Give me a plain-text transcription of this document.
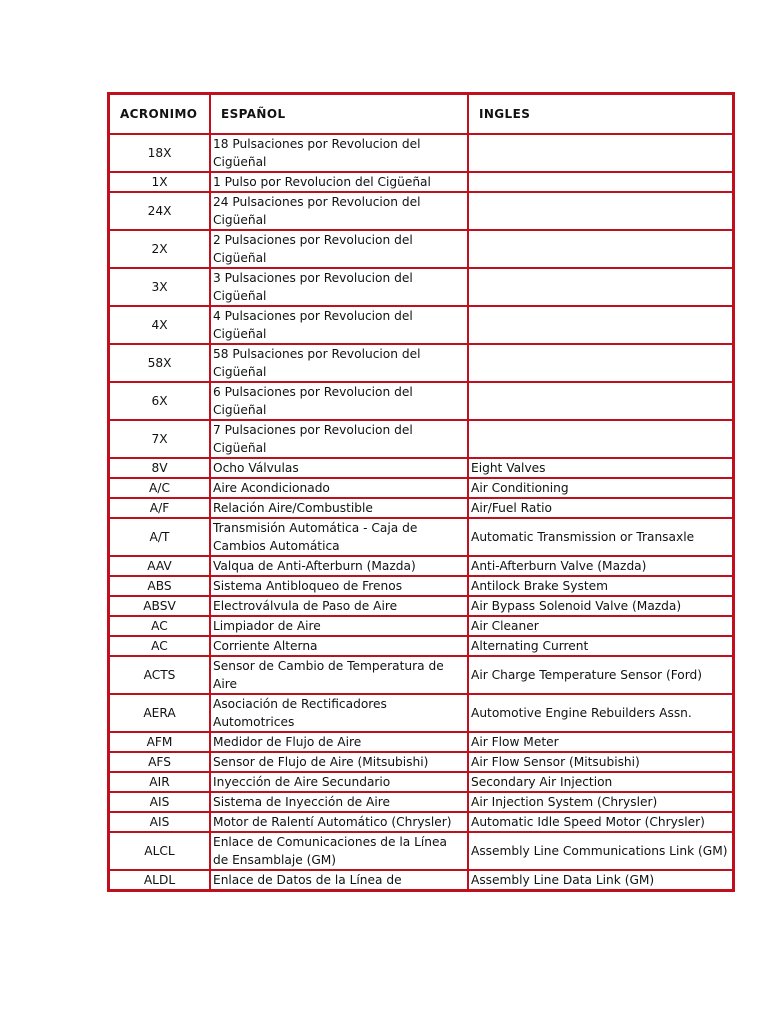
ACRONIMO	ESPAÑOL	INGLES
18X	18 Pulsaciones por Revolucion del Cigüeñal	
1X	1 Pulso por Revolucion del Cigüeñal	
24X	24 Pulsaciones por Revolucion del Cigüeñal	
2X	2 Pulsaciones por Revolucion del Cigüeñal	
3X	3 Pulsaciones por Revolucion del Cigüeñal	
4X	4 Pulsaciones por Revolucion del Cigüeñal	
58X	58 Pulsaciones por Revolucion del Cigüeñal	
6X	6 Pulsaciones por Revolucion del Cigüeñal	
7X	7 Pulsaciones por Revolucion del Cigüeñal	
8V	Ocho Válvulas	Eight Valves
A/C	Aire Acondicionado	Air Conditioning
A/F	Relación Aire/Combustible	Air/Fuel Ratio
A/T	Transmisión Automática - Caja de Cambios Automática	Automatic Transmission or Transaxle
AAV	Valqua de Anti-Afterburn (Mazda)	Anti-Afterburn Valve (Mazda)
ABS	Sistema Antibloqueo de Frenos	Antilock Brake System
ABSV	Electroválvula de Paso de Aire	Air Bypass Solenoid Valve (Mazda)
AC	Limpiador de Aire	Air Cleaner
AC	Corriente Alterna	Alternating Current
ACTS	Sensor de Cambio de Temperatura de Aire	Air Charge Temperature Sensor (Ford)
AERA	Asociación de Rectificadores Automotrices	Automotive Engine Rebuilders Assn.
AFM	Medidor de Flujo de Aire	Air Flow Meter
AFS	Sensor de Flujo de Aire (Mitsubishi)	Air Flow Sensor (Mitsubishi)
AIR	Inyección de Aire Secundario	Secondary Air Injection
AIS	Sistema de Inyección de Aire	Air Injection System (Chrysler)
AIS	Motor de Ralentí Automático (Chrysler)	Automatic Idle Speed Motor (Chrysler)
ALCL	Enlace de Comunicaciones de la Línea de Ensamblaje (GM)	Assembly Line Communications Link (GM)
ALDL	Enlace de Datos de la Línea de	Assembly Line Data Link (GM)
